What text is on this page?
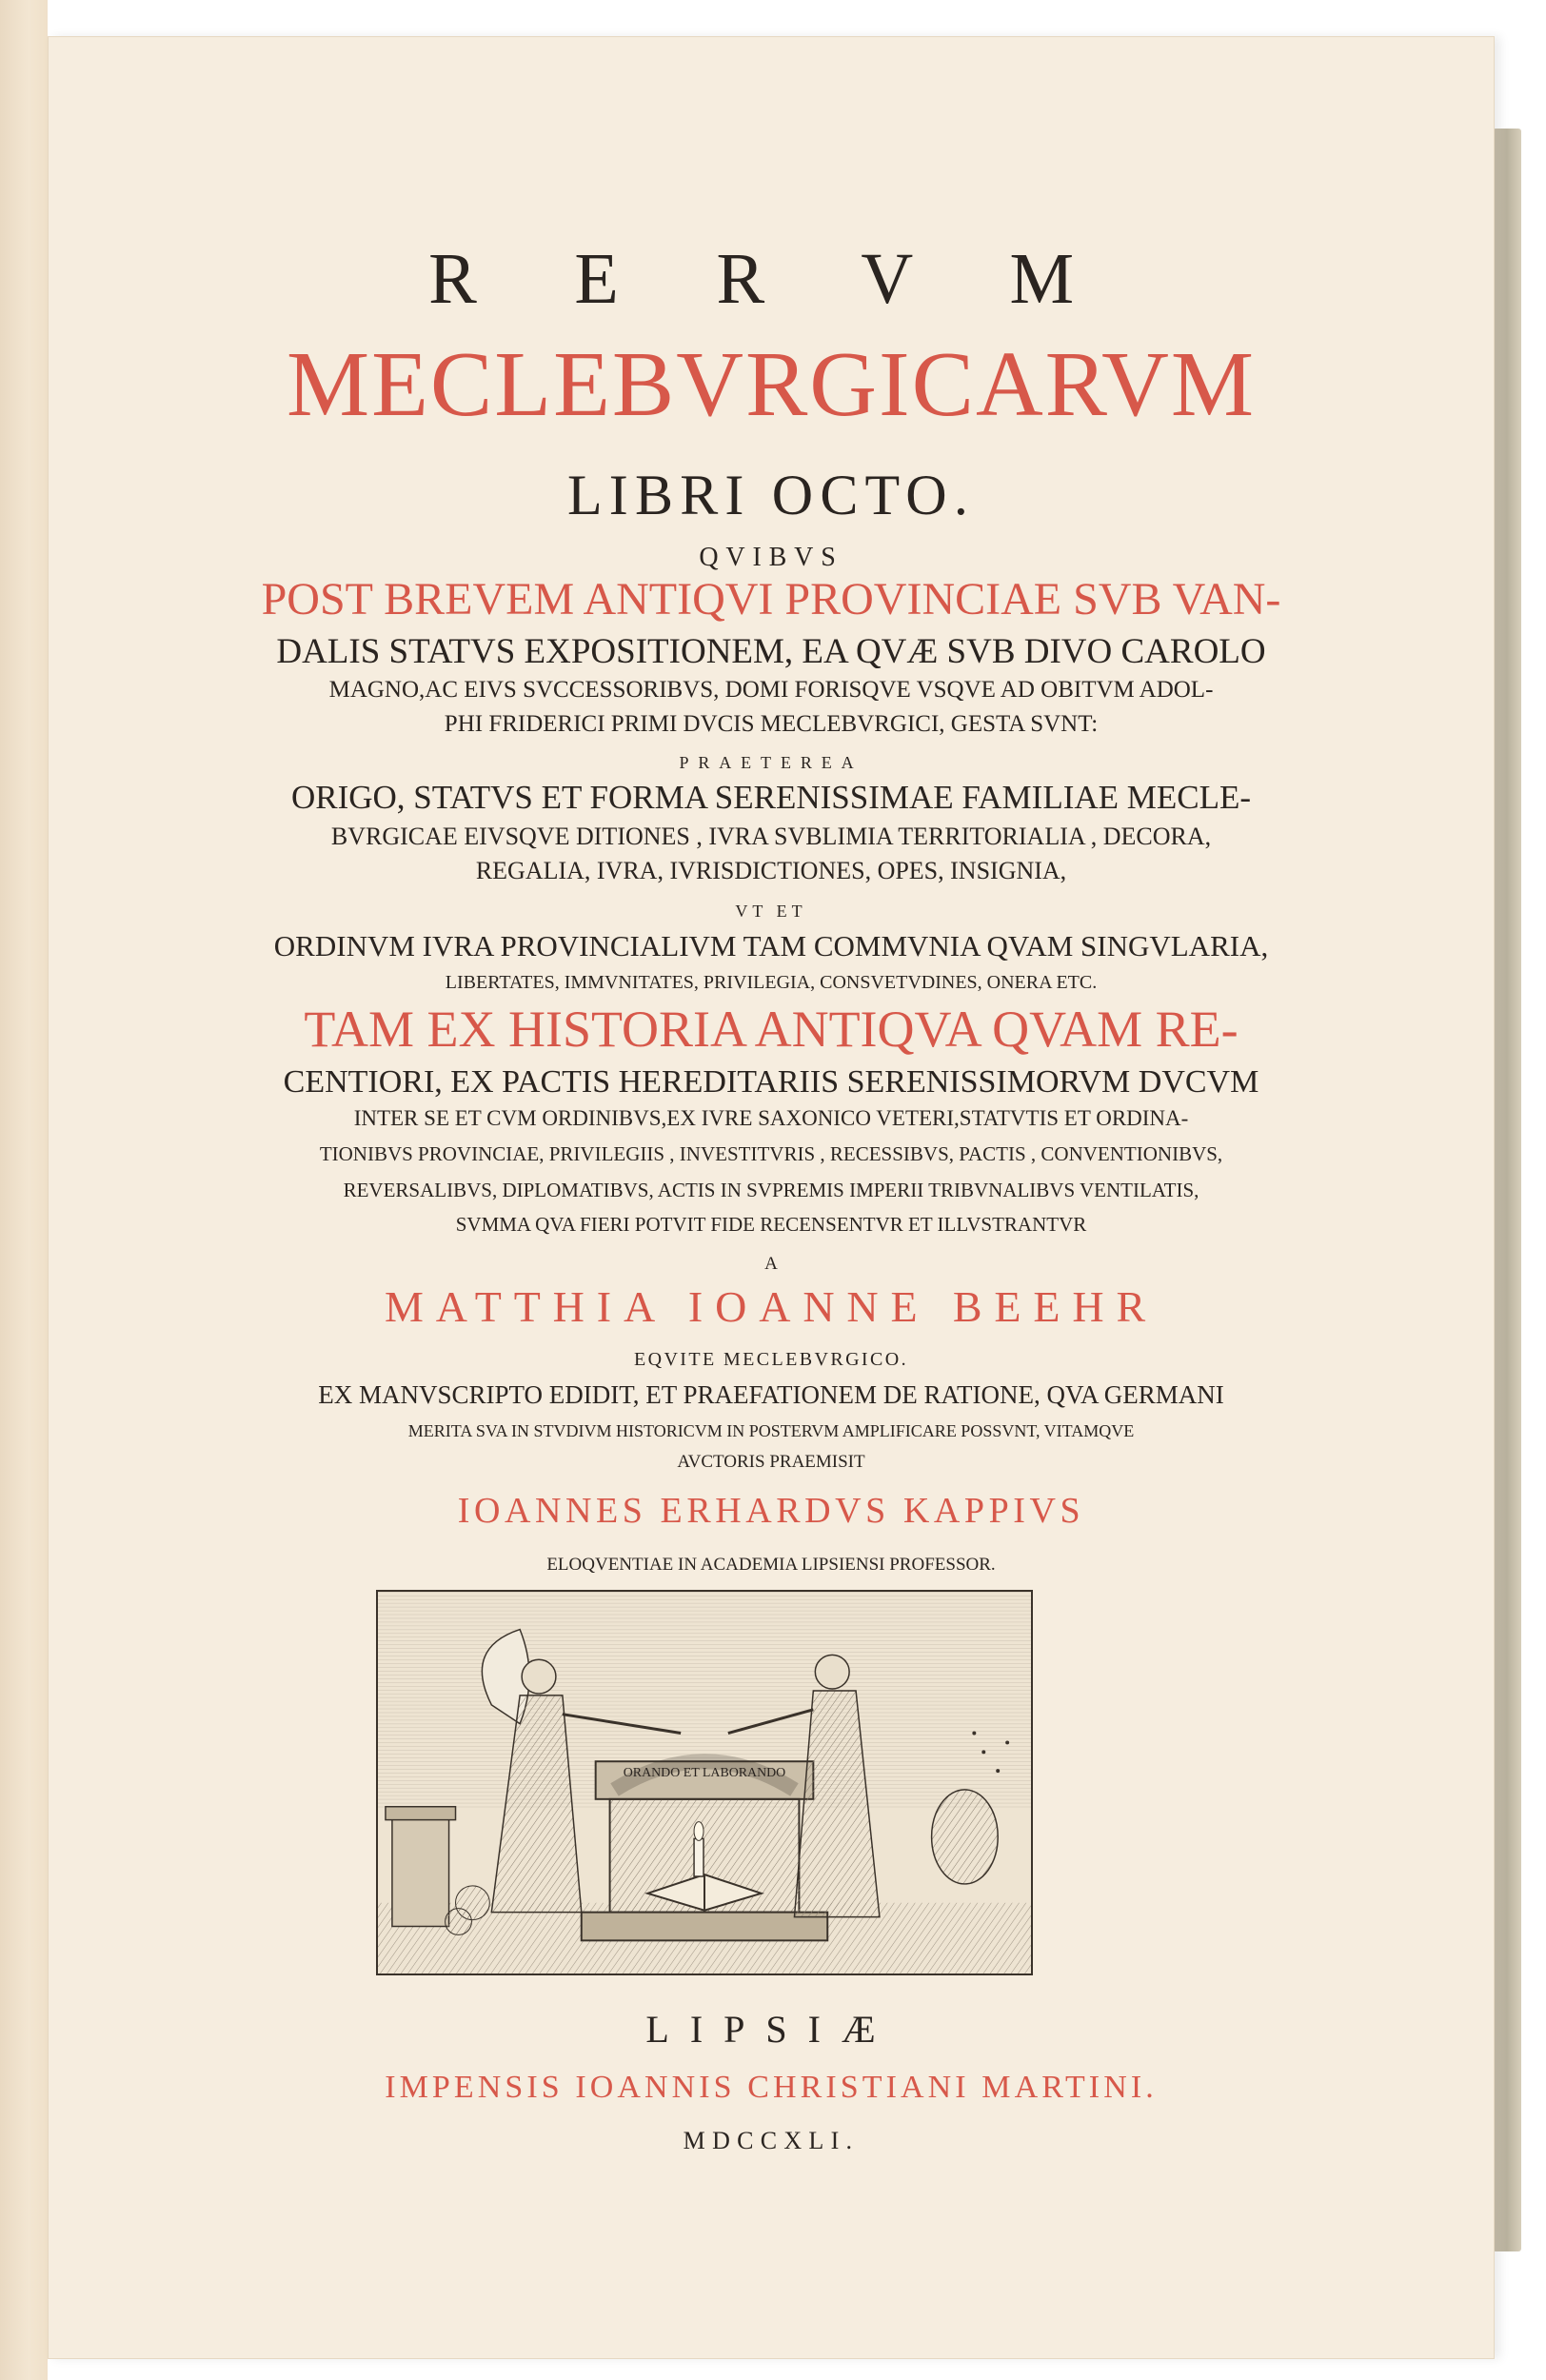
R E R V M
MECLEBVRGICARVM
LIBRI OCTO.
QVIBVS
POST BREVEM ANTIQVI PROVINCIAE SVB VAN-
DALIS STATVS EXPOSITIONEM, EA QVÆ SVB DIVO CAROLO
MAGNO,AC EIVS SVCCESSORIBVS, DOMI FORISQVE VSQVE AD OBITVM ADOL-
PHI FRIDERICI PRIMI DVCIS MECLEBVRGICI, GESTA SVNT:
PRAETEREA
ORIGO, STATVS ET FORMA SERENISSIMAE FAMILIAE MECLE-
BVRGICAE EIVSQVE DITIONES , IVRA SVBLIMIA TERRITORIALIA , DECORA,
REGALIA, IVRA, IVRISDICTIONES, OPES, INSIGNIA,
VT ET
ORDINVM IVRA PROVINCIALIVM TAM COMMVNIA QVAM SINGVLARIA,
LIBERTATES, IMMVNITATES, PRIVILEGIA, CONSVETVDINES, ONERA ETC.
TAM EX HISTORIA ANTIQVA QVAM RE-
CENTIORI, EX PACTIS HEREDITARIIS SERENISSIMORVM DVCVM
INTER SE ET CVM ORDINIBVS,EX IVRE SAXONICO VETERI,STATVTIS ET ORDINA-
TIONIBVS PROVINCIAE, PRIVILEGIIS , INVESTITVRIS , RECESSIBVS, PACTIS , CONVENTIONIBVS,
REVERSALIBVS, DIPLOMATIBVS, ACTIS IN SVPREMIS IMPERII TRIBVNALIBVS VENTILATIS,
SVMMA QVA FIERI POTVIT FIDE RECENSENTVR ET ILLVSTRANTVR
A
MATTHIA IOANNE BEEHR
EQVITE MECLEBVRGICO.
EX MANVSCRIPTO EDIDIT, ET PRAEFATIONEM DE RATIONE, QVA GERMANI
MERITA SVA IN STVDIVM HISTORICVM IN POSTERVM AMPLIFICARE POSSVNT, VITAMQVE
AVCTORIS PRAEMISIT
IOANNES ERHARDVS KAPPIVS
ELOQVENTIAE IN ACADEMIA LIPSIENSI PROFESSOR.
ORANDO ET LABORANDO
LIPSIÆ
IMPENSIS IOANNIS CHRISTIANI MARTINI.
MDCCXLI.
